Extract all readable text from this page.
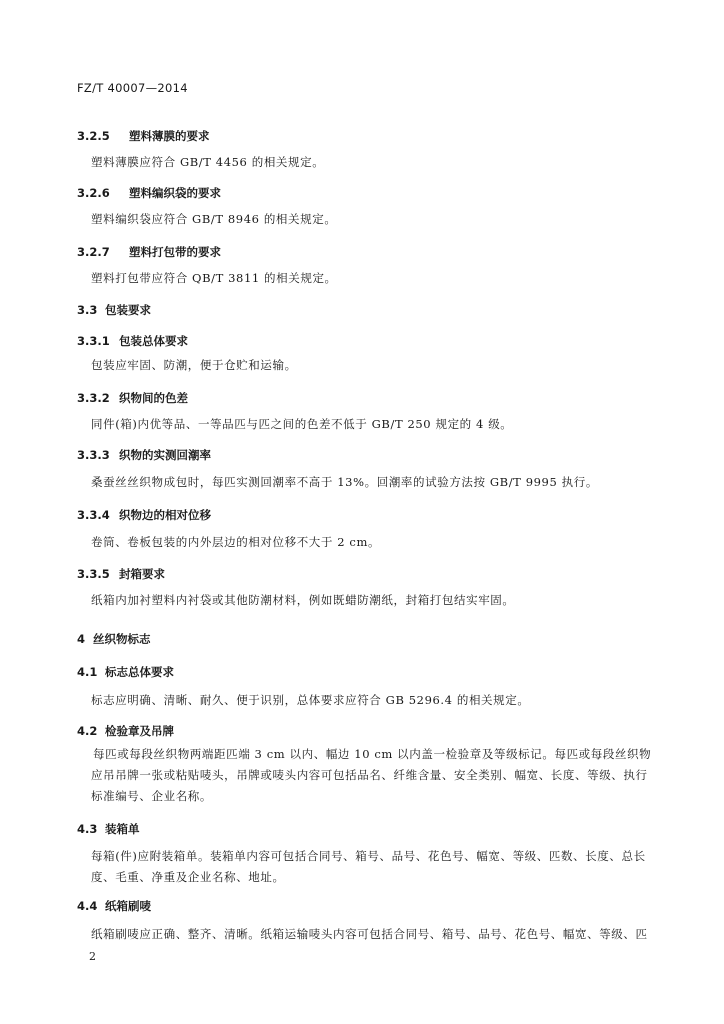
FZ/T 40007—2014
3.2.5 塑料薄膜的要求
塑料薄膜应符合 GB/T 4456 的相关规定。
3.2.6 塑料编织袋的要求
塑料编织袋应符合 GB/T 8946 的相关规定。
3.2.7 塑料打包带的要求
塑料打包带应符合 QB/T 3811 的相关规定。
3.3 包装要求
3.3.1 包装总体要求
包装应牢固、防潮，便于仓贮和运输。
3.3.2 织物间的色差
同件(箱)内优等品、一等品匹与匹之间的色差不低于 GB/T 250 规定的 4 级。
3.3.3 织物的实测回潮率
桑蚕丝丝织物成包时，每匹实测回潮率不高于 13%。回潮率的试验方法按 GB/T 9995 执行。
3.3.4 织物边的相对位移
卷筒、卷板包装的内外层边的相对位移不大于 2 cm。
3.3.5 封箱要求
纸箱内加衬塑料内衬袋或其他防潮材料，例如既蜡防潮纸，封箱打包结实牢固。
4 丝织物标志
4.1 标志总体要求
标志应明确、清晰、耐久、便于识别，总体要求应符合 GB 5296.4 的相关规定。
4.2 检验章及吊牌
每匹或每段丝织物两端距匹端 3 cm 以内、幅边 10 cm 以内盖一检验章及等级标记。每匹或每段丝织物应吊吊牌一张或粘贴唛头，吊牌或唛头内容可包括品名、纤维含量、安全类别、幅宽、长度、等级、执行标准编号、企业名称。
4.3 装箱单
每箱(件)应附装箱单。装箱单内容可包括合同号、箱号、品号、花色号、幅宽、等级、匹数、长度、总长度、毛重、净重及企业名称、地址。
4.4 纸箱刷唛
纸箱刷唛应正确、整齐、清晰。纸箱运输唛头内容可包括合同号、箱号、品号、花色号、幅宽、等级、匹
2
